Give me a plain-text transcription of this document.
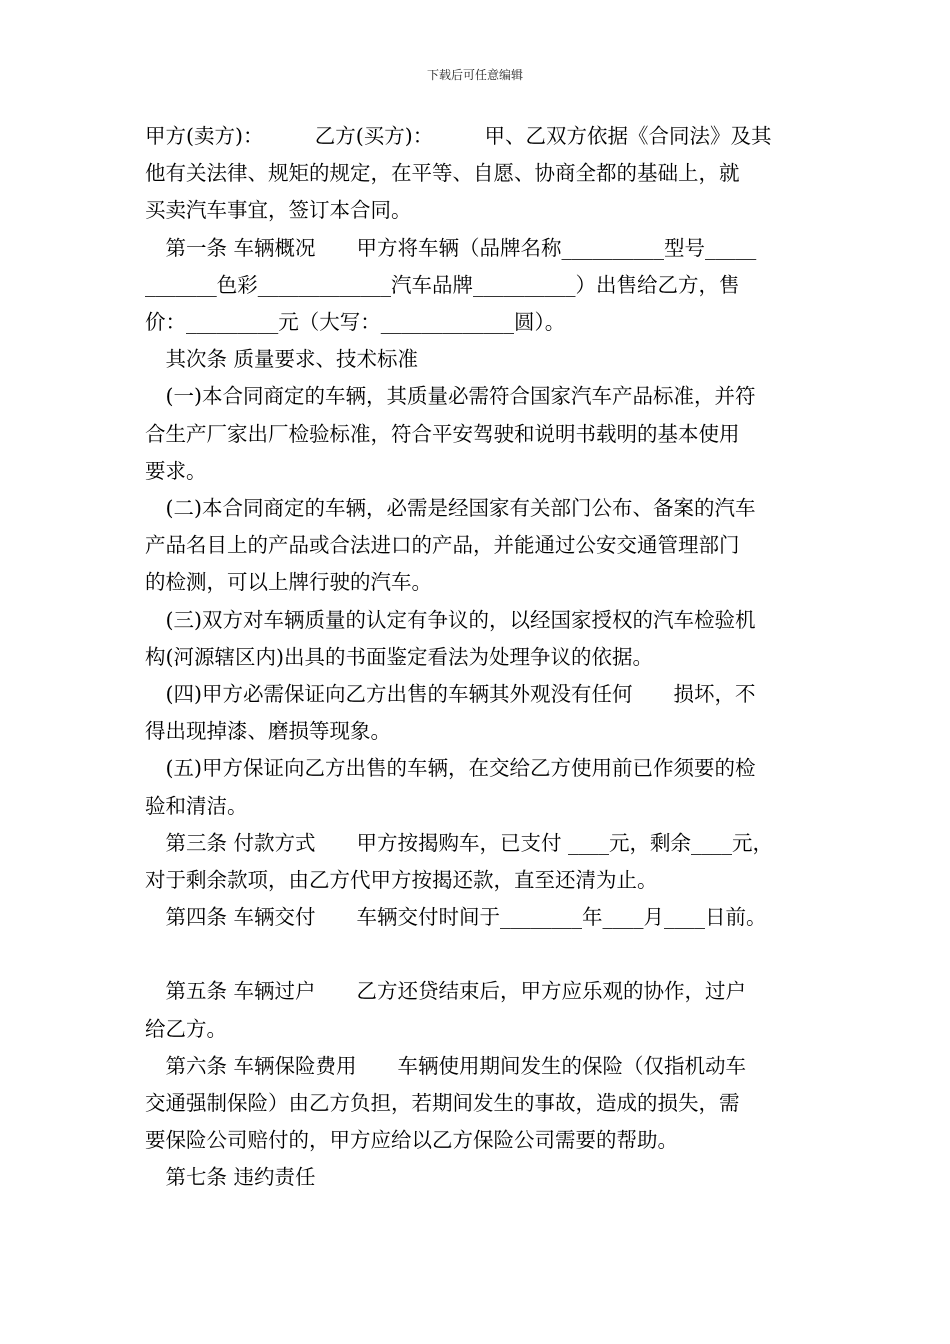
下载后可任意编辑

甲方(卖方)：　　　乙方(买方)：　　　甲、乙双方依据《合同法》及其

他有关法律、规矩的规定，在平等、自愿、协商全都的基础上，就

买卖汽车事宜，签订本合同。

　第一条 车辆概况　　甲方将车辆（品牌名称__________型号_____

_______色彩_____________汽车品牌__________）出售给乙方，售

价：_________元（大写：_____________圆）。

　其次条 质量要求、技术标准

　(一)本合同商定的车辆，其质量必需符合国家汽车产品标准，并符

合生产厂家出厂检验标准，符合平安驾驶和说明书载明的基本使用

要求。

　(二)本合同商定的车辆，必需是经国家有关部门公布、备案的汽车

产品名目上的产品或合法进口的产品，并能通过公安交通管理部门

的检测，可以上牌行驶的汽车。

　(三)双方对车辆质量的认定有争议的，以经国家授权的汽车检验机

构(河源辖区内)出具的书面鉴定看法为处理争议的依据。

　(四)甲方必需保证向乙方出售的车辆其外观没有任何　　损坏，不

得出现掉漆、磨损等现象。

　(五)甲方保证向乙方出售的车辆，在交给乙方使用前已作须要的检

验和清洁。

　第三条 付款方式　　甲方按揭购车，已支付 ____元，剩余____元，

对于剩余款项，由乙方代甲方按揭还款，直至还清为止。

　第四条 车辆交付　　车辆交付时间于________年____月____日前。

　第五条 车辆过户　　乙方还贷结束后，甲方应乐观的协作，过户

给乙方。

　第六条 车辆保险费用　　车辆使用期间发生的保险（仅指机动车

交通强制保险）由乙方负担，若期间发生的事故，造成的损失，需

要保险公司赔付的，甲方应给以乙方保险公司需要的帮助。

　第七条 违约责任
